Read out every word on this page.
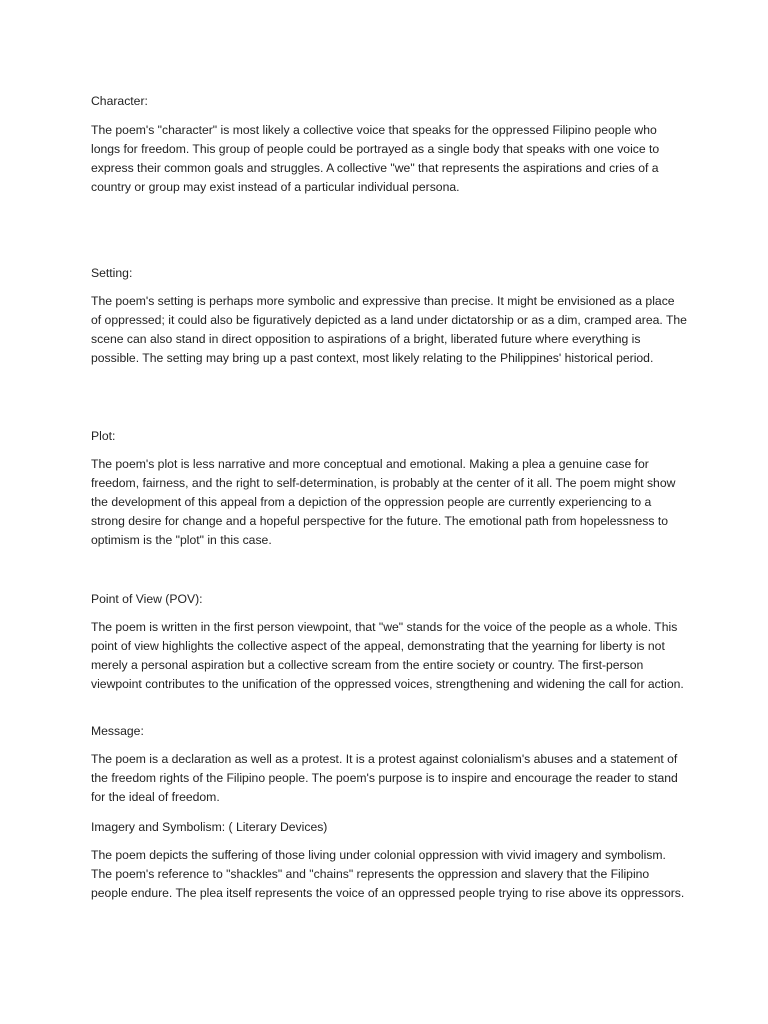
Character:

The poem's "character" is most likely a collective voice that speaks for the oppressed Filipino people who longs for freedom. This group of people could be portrayed as a single body that speaks with one voice to express their common goals and struggles. A collective "we" that represents the aspirations and cries of a country or group may exist instead of a particular individual persona.

Setting:

The poem's setting is perhaps more symbolic and expressive than precise. It might be envisioned as a place of oppressed; it could also be figuratively depicted as a land under dictatorship or as a dim, cramped area. The scene can also stand in direct opposition to aspirations of a bright, liberated future where everything is possible. The setting may bring up a past context, most likely relating to the Philippines' historical period.

Plot:

The poem's plot is less narrative and more conceptual and emotional. Making a plea a genuine case for freedom, fairness, and the right to self-determination, is probably at the center of it all. The poem might show the development of this appeal from a depiction of the oppression people are currently experiencing to a strong desire for change and a hopeful perspective for the future. The emotional path from hopelessness to optimism is the "plot" in this case.

Point of View (POV):

The poem is written in the first person viewpoint, that "we" stands for the voice of the people as a whole. This point of view highlights the collective aspect of the appeal, demonstrating that the yearning for liberty is not merely a personal aspiration but a collective scream from the entire society or country. The first-person viewpoint contributes to the unification of the oppressed voices, strengthening and widening the call for action.

Message:

The poem is a declaration as well as a protest. It is a protest against colonialism's abuses and a statement of the freedom rights of the Filipino people. The poem's purpose is to inspire and encourage the reader to stand for the ideal of freedom.

Imagery and Symbolism: ( Literary Devices)

The poem depicts the suffering of those living under colonial oppression with vivid imagery and symbolism. The poem's reference to "shackles" and "chains" represents the oppression and slavery that the Filipino people endure. The plea itself represents the voice of an oppressed people trying to rise above its oppressors.
